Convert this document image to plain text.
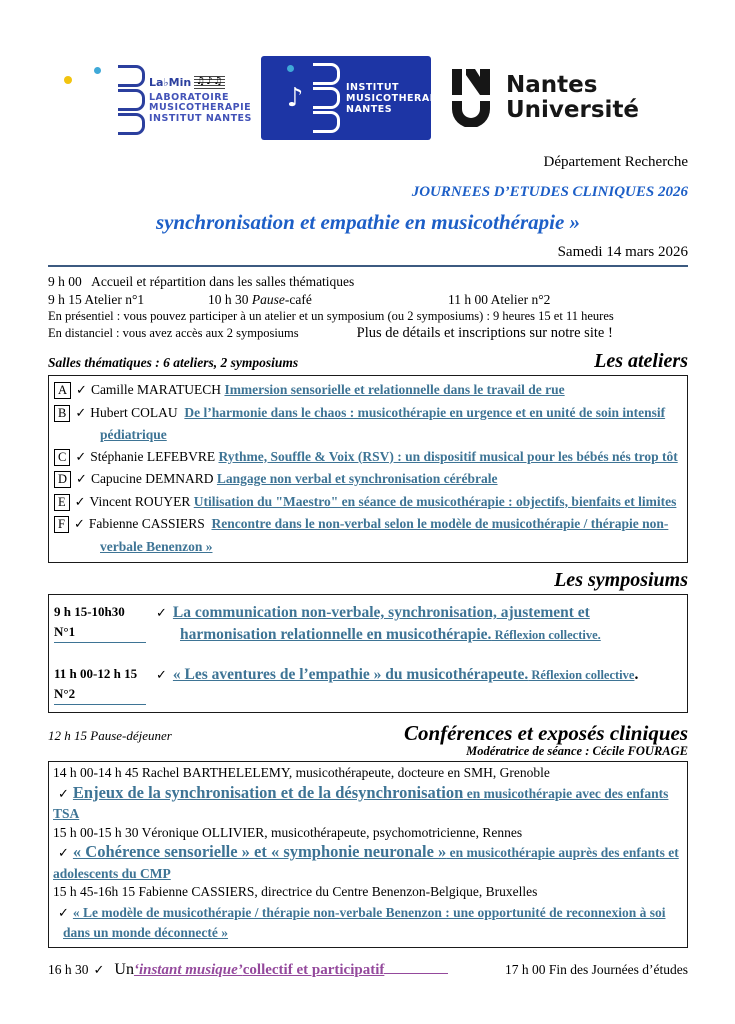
♪
La♭Min ♫♪♫
LABORATOIRE
MUSICOTHERAPIE
INSTITUT NANTES
♪
INSTITUT
MUSICOTHERAPIE
NANTES
Nantes
Université
Département Recherche
JOURNEES D’ETUDES CLINIQUES 2026
synchronisation et empathie en musicothérapie »
Samedi 14 mars 2026
9 h 00 Accueil et répartition dans les salles thématiques
9 h 15 Atelier n°1	10 h 30 Pause-café	11 h 00 Atelier n°2
En présentiel : vous pouvez participer à un atelier et un symposium (ou 2 symposiums) : 9 heures 15 et 11 heures
En distanciel : vous avez accès aux 2 symposiums	Plus de détails et inscriptions sur notre site !
Salles thématiques : 6 ateliers, 2 symposiums	Les ateliers
A ✓ Camille MARATUECH Immersion sensorielle et relationnelle dans le travail de rue
B ✓ Hubert COLAU De l’harmonie dans le chaos : musicothérapie en urgence et en unité de soin intensif pédiatrique
C ✓ Stéphanie LEFEBVRE Rythme, Souffle & Voix (RSV) : un dispositif musical pour les bébés nés trop tôt
D ✓ Capucine DEMNARD Langage non verbal et synchronisation cérébrale
E ✓ Vincent ROUYER Utilisation du "Maestro" en séance de musicothérapie : objectifs, bienfaits et limites
F ✓ Fabienne CASSIERS Rencontre dans le non-verbal selon le modèle de musicothérapie / thérapie non-verbale Benenzon »
Les symposiums
9 h 15-10h30
N°1
✓ La communication non-verbale, synchronisation, ajustement et harmonisation relationnelle en musicothérapie. Réflexion collective.
11 h 00-12 h 15
N°2
✓ « Les aventures de l’empathie » du musicothérapeute. Réflexion collective.
12 h 15 Pause-déjeuner	Conférences et exposés cliniques
Modératrice de séance : Cécile FOURAGE
14 h 00-14 h 45 Rachel BARTHELELEMY, musicothérapeute, docteure en SMH, Grenoble
✓ Enjeux de la synchronisation et de la désynchronisation en musicothérapie avec des enfants TSA
15 h 00-15 h 30 Véronique OLLIVIER, musicothérapeute, psychomotricienne, Rennes
✓ « Cohérence sensorielle » et « symphonie neuronale » en musicothérapie auprès des enfants et adolescents du CMP
15 h 45-16h 15 Fabienne CASSIERS, directrice du Centre Benenzon-Belgique, Bruxelles
✓ « Le modèle de musicothérapie / thérapie non-verbale Benenzon : une opportunité de reconnexion à soi dans un monde déconnecté »
16 h 30 ✓ Un ‘instant musique’ collectif et participatif	17 h 00 Fin des Journées d’études
